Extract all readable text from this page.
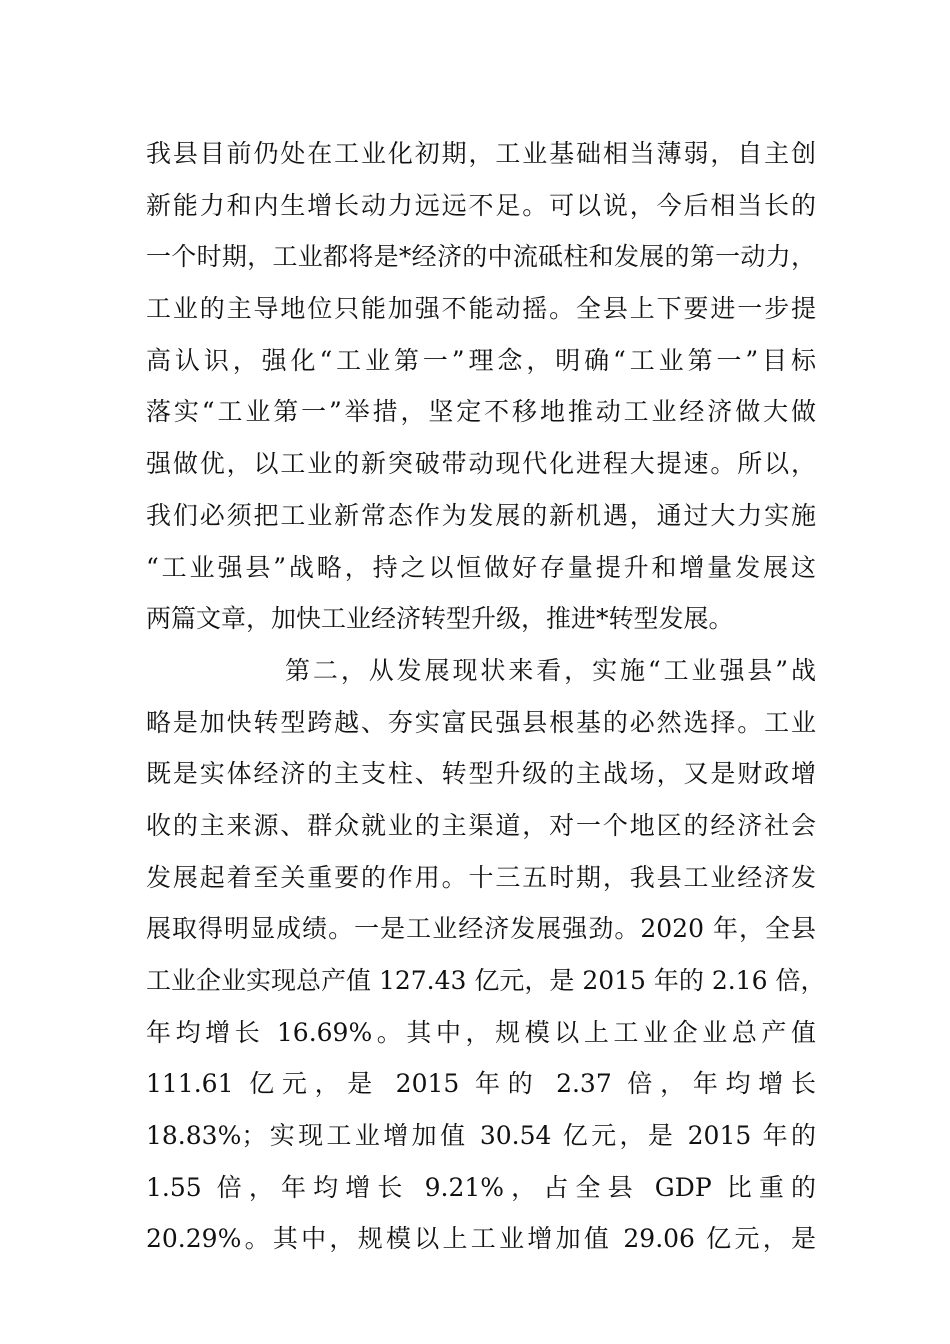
我县目前仍处在工业化初期，工业基础相当薄弱，自主创
新能力和内生增长动力远远不足。可以说，今后相当长的
一个时期，工业都将是*经济的中流砥柱和发展的第一动力，
工业的主导地位只能加强不能动摇。全县上下要进一步提
高认识，强化“工业第一”理念，明确“工业第一”目标
落实“工业第一”举措，坚定不移地推动工业经济做大做
强做优，以工业的新突破带动现代化进程大提速。所以，
我们必须把工业新常态作为发展的新机遇，通过大力实施
“工业强县”战略，持之以恒做好存量提升和增量发展这
两篇文章，加快工业经济转型升级，推进*转型发展。
第二，从发展现状来看，实施“工业强县”战
略是加快转型跨越、夯实富民强县根基的必然选择。工业
既是实体经济的主支柱、转型升级的主战场，又是财政增
收的主来源、群众就业的主渠道，对一个地区的经济社会
发展起着至关重要的作用。十三五时期，我县工业经济发
展取得明显成绩。一是工业经济发展强劲。2020 年，全县
工业企业实现总产值 127.43 亿元，是 2015 年的 2.16 倍，
年均增长 16.69%。其中，规模以上工业企业总产值
111.61 亿元，是 2015 年的 2.37 倍，年均增长
18.83%；实现工业增加值 30.54 亿元，是 2015 年的
1.55 倍，年均增长 9.21%，占全县 GDP 比重的
20.29%。其中，规模以上工业增加值 29.06 亿元，是
